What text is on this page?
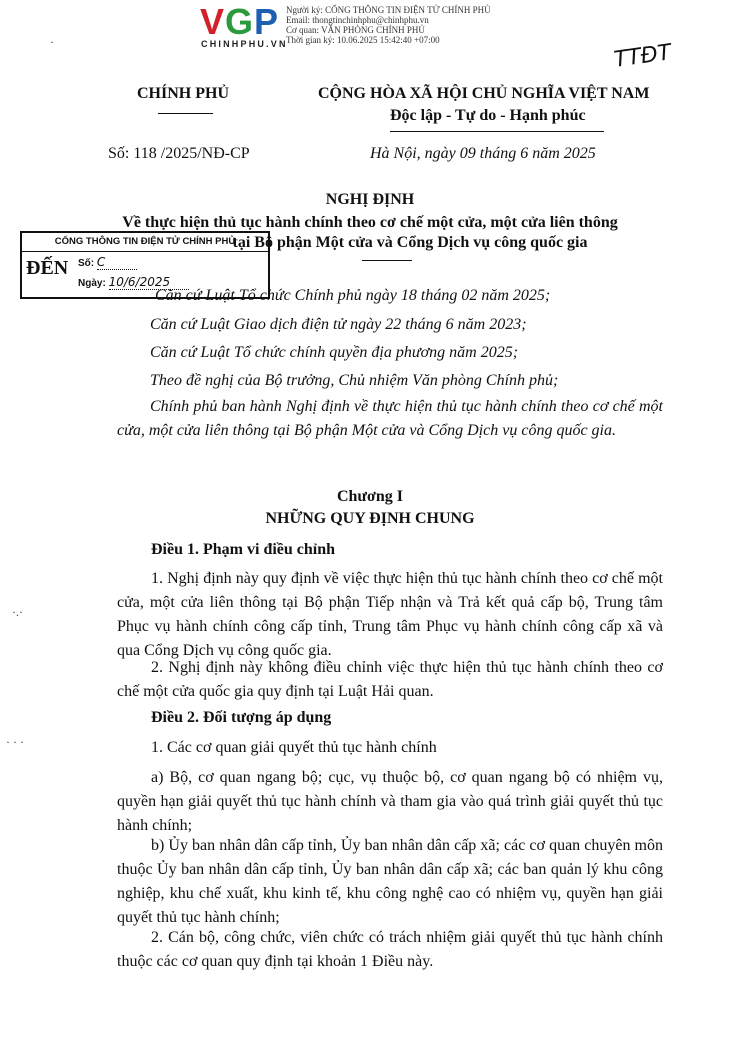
VGP
CHINHPHU.VN
Người ký: CỔNG THÔNG TIN ĐIỆN TỬ CHÍNH PHỦ
Email: thongtinchinhphu@chinhphu.vn
Cơ quan: VĂN PHÒNG CHÍNH PHỦ
Thời gian ký: 10.06.2025 15:42:40 +07:00
TTĐT
CHÍNH PHỦ	CỘNG HÒA XÃ HỘI CHỦ NGHĨA VIỆT NAM
Độc lập - Tự do - Hạnh phúc
Số: 118 /2025/NĐ-CP	Hà Nội, ngày 09 tháng 6 năm 2025
NGHỊ ĐỊNH
Về thực hiện thủ tục hành chính theo cơ chế một cửa, một cửa liên thông
tại Bộ phận Một cửa và Cổng Dịch vụ công quốc gia
CỔNG THÔNG TIN ĐIỆN TỬ CHÍNH PHỦ
ĐẾN Số: C
Ngày: 10/6/2025
Căn cứ Luật Tổ chức Chính phủ ngày 18 tháng 02 năm 2025;
Căn cứ Luật Giao dịch điện tử ngày 22 tháng 6 năm 2023;
Căn cứ Luật Tổ chức chính quyền địa phương năm 2025;
Theo đề nghị của Bộ trưởng, Chủ nhiệm Văn phòng Chính phủ;
Chính phủ ban hành Nghị định về thực hiện thủ tục hành chính theo cơ chế một cửa, một cửa liên thông tại Bộ phận Một cửa và Cổng Dịch vụ công quốc gia.
Chương I
NHỮNG QUY ĐỊNH CHUNG
Điều 1. Phạm vi điều chỉnh
1. Nghị định này quy định về việc thực hiện thủ tục hành chính theo cơ chế một cửa, một cửa liên thông tại Bộ phận Tiếp nhận và Trả kết quả cấp bộ, Trung tâm Phục vụ hành chính công cấp tỉnh, Trung tâm Phục vụ hành chính công cấp xã và qua Cổng Dịch vụ công quốc gia.
2. Nghị định này không điều chỉnh việc thực hiện thủ tục hành chính theo cơ chế một cửa quốc gia quy định tại Luật Hải quan.
Điều 2. Đối tượng áp dụng
1. Các cơ quan giải quyết thủ tục hành chính
a) Bộ, cơ quan ngang bộ; cục, vụ thuộc bộ, cơ quan ngang bộ có nhiệm vụ, quyền hạn giải quyết thủ tục hành chính và tham gia vào quá trình giải quyết thủ tục hành chính;
b) Ủy ban nhân dân cấp tỉnh, Ủy ban nhân dân cấp xã; các cơ quan chuyên môn thuộc Ủy ban nhân dân cấp tỉnh, Ủy ban nhân dân cấp xã; các ban quản lý khu công nghiệp, khu chế xuất, khu kinh tế, khu công nghệ cao có nhiệm vụ, quyền hạn giải quyết thủ tục hành chính;
2. Cán bộ, công chức, viên chức có trách nhiệm giải quyết thủ tục hành chính thuộc các cơ quan quy định tại khoản 1 Điều này.
·.·
· · ·
·
